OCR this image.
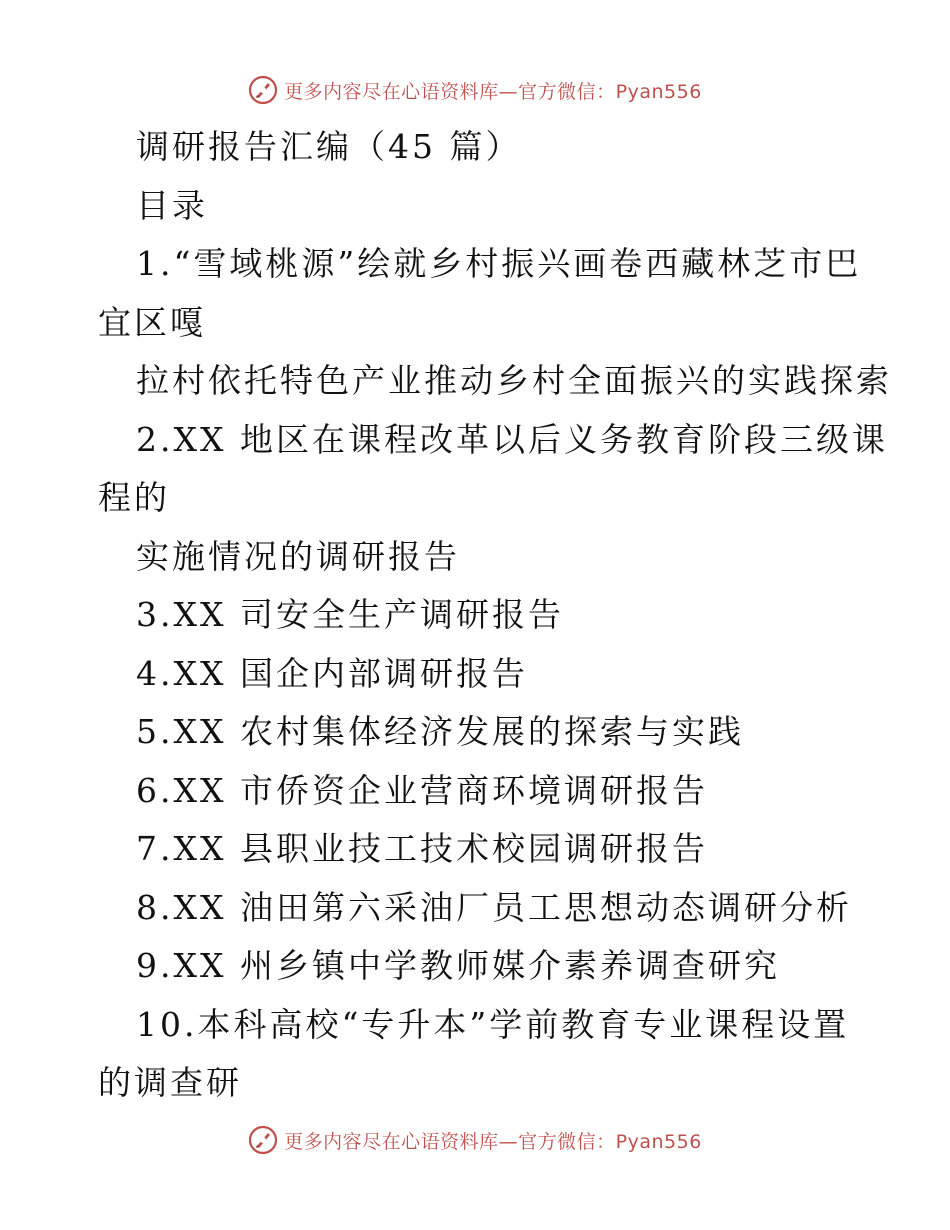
更多内容尽在心语资料库—官方微信：Pyan556
调研报告汇编（45 篇）
目录
1.“雪域桃源”绘就乡村振兴画卷西藏林芝市巴
宜区嘎
拉村依托特色产业推动乡村全面振兴的实践探索
2.XX 地区在课程改革以后义务教育阶段三级课
程的
实施情况的调研报告
3.XX 司安全生产调研报告
4.XX 国企内部调研报告
5.XX 农村集体经济发展的探索与实践
6.XX 市侨资企业营商环境调研报告
7.XX 县职业技工技术校园调研报告
8.XX 油田第六采油厂员工思想动态调研分析
9.XX 州乡镇中学教师媒介素养调查研究
10.本科高校“专升本”学前教育专业课程设置
的调查研
更多内容尽在心语资料库—官方微信：Pyan556
